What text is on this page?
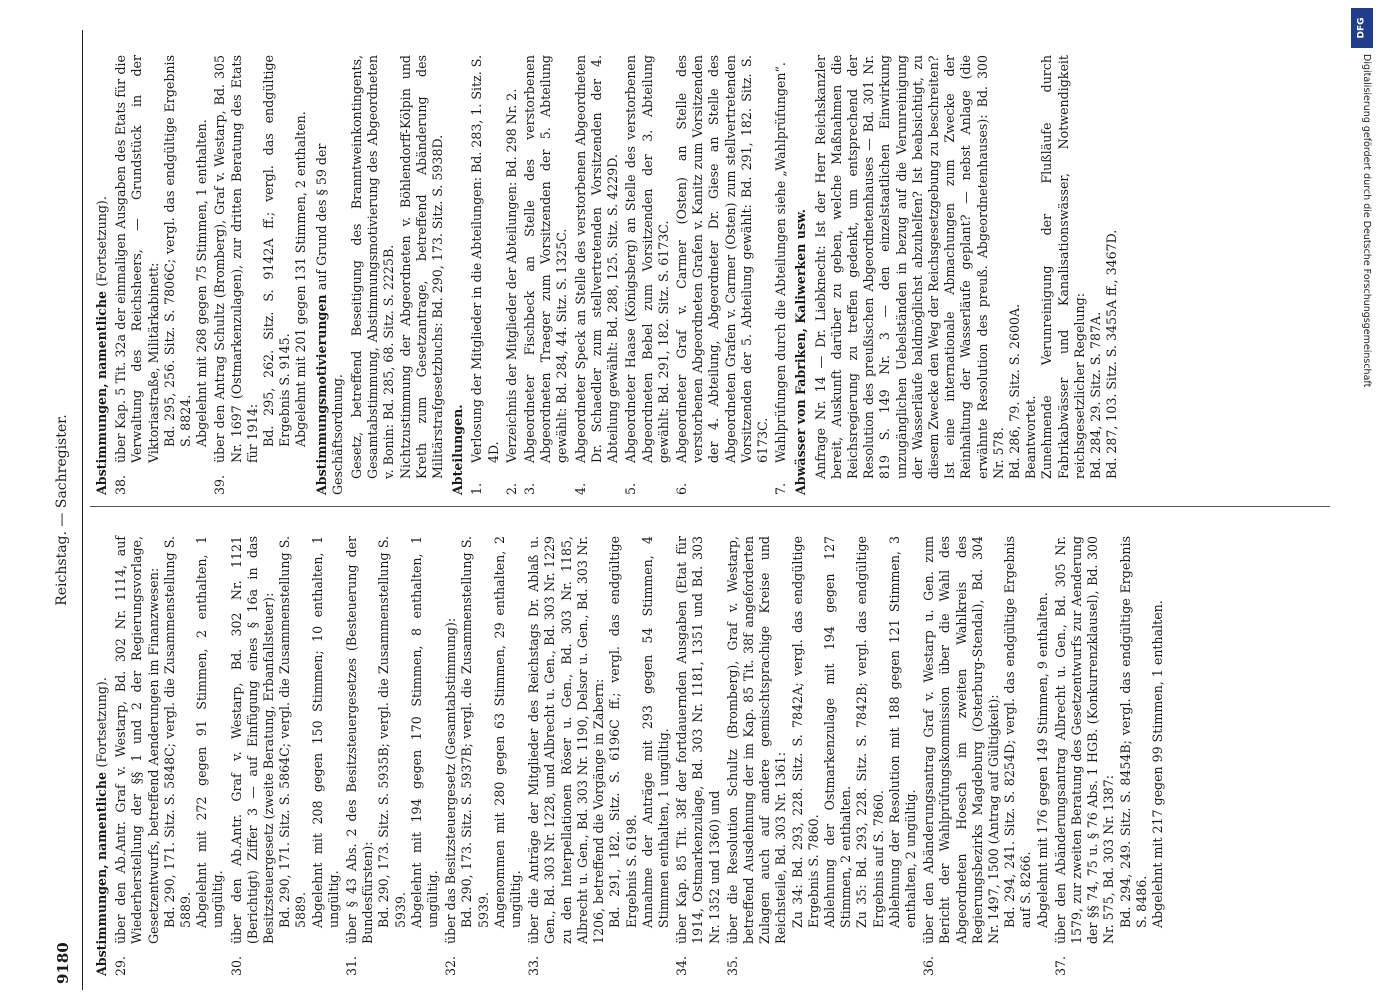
9180
Reichstag. — Sachregister.
Abstimmungen, namentliche (Fortsetzung).
29.
über den Ab.Antr. Graf v. Westarp, Bd. 302 Nr. 1114, auf Wiederherstellung der §§ 1 und 2 der Regierungsvorlage, Gesetzentwurfs, betreffend Aenderungen im Finanzwesen: Bd. 290, 171. Sitz. S. 5848C; vergl. die Zusammenstellung S. 5889. Abgelehnt mit 272 gegen 91 Stimmen, 2 enthalten, 1 ungültig.
30.
über den Ab.Antr. Graf v. Westarp, Bd. 302 Nr. 1121 (Berichtigt) Ziffer 3 — auf Einfügung eines § 16a in das Besitzsteuergesetz (zweite Beratung, Erbanfallsteuer): Bd. 290, 171. Sitz. S. 5864C; vergl. die Zusammenstellung S. 5889. Abgelehnt mit 208 gegen 150 Stimmen; 10 enthalten, 1 ungültig.
31.
über § 43 Abs. 2 des Besitzsteuergesetzes (Besteuerung der Bundesfürsten): Bd. 290, 173. Sitz. S. 5935B; vergl. die Zusammenstellung S. 5939. Abgelehnt mit 194 gegen 170 Stimmen, 8 enthalten, 1 ungültig.
32.
über das Besitzsteuergesetz (Gesamtabstimmung): Bd. 290, 173. Sitz. S. 5937B; vergl. die Zusammenstellung S. 5939. Angenommen mit 280 gegen 63 Stimmen, 29 enthalten, 2 ungültig.
33.
über die Anträge der Mitglieder des Reichstags Dr. Ablaß u. Gen., Bd. 303 Nr. 1228, und Albrecht u. Gen., Bd. 303 Nr. 1229 zu den Interpellationen Röser u. Gen., Bd. 303 Nr. 1185, Albrecht u. Gen., Bd. 303 Nr. 1190, Delsor u. Gen., Bd. 303 Nr. 1206, betreffend die Vorgänge in Zabern: Bd. 291, 182. Sitz. S. 6196C ff.; vergl. das endgültige Ergebnis S. 6198. Annahme der Anträge mit 293 gegen 54 Stimmen, 4 Stimmen enthalten, 1 ungültig.
34.
über Kap. 85 Tit. 38f der fortdauernden Ausgaben (Etat für 1914, Ostmarkenzulage, Bd. 303 Nr. 1181, 1351 und Bd. 303 Nr. 1352 und 1360) und
35.
über die Resolution Schultz (Bromberg), Graf v. Westarp, betreffend Ausdehnung der im Kap. 85 Tit. 38f angeforderten Zulagen auch auf andere gemischtsprachige Kreise und Reichsteile, Bd. 303 Nr. 1361: Zu 34: Bd. 293, 228. Sitz. S. 7842A; vergl. das endgültige Ergebnis S. 7860. Ablehnung der Ostmarkenzulage mit 194 gegen 127 Stimmen, 2 enthalten. Zu 35: Bd. 293, 228. Sitz. S. 7842B; vergl. das endgültige Ergebnis auf S. 7860. Ablehnung der Resolution mit 188 gegen 121 Stimmen, 3 enthalten, 2 ungültig.
36.
über den Abänderungsantrag Graf v. Westarp u. Gen. zum Bericht der Wahlprüfungskommission über die Wahl des Abgeordneten Hoesch im zweiten Wahlkreis des Regierungsbezirks Magdeburg (Osterburg-Stendal), Bd. 304 Nr. 1497, 1500 (Antrag auf Gültigkeit): Bd. 294, 241. Sitz. S. 8254D; vergl. das endgültige Ergebnis auf S. 8266. Abgelehnt mit 176 gegen 149 Stimmen, 9 enthalten.
37.
über den Abänderungsantrag Albrecht u. Gen., Bd. 305 Nr. 1579, zur zweiten Beratung des Gesetzentwurfs zur Aenderung der §§ 74, 75 u. § 76 Abs. 1 HGB. (Konkurrenzklausel), Bd. 300 Nr. 575, Bd. 303 Nr. 1387: Bd. 294, 249. Sitz. S. 8454B; vergl. das endgültige Ergebnis S. 8486. Abgelehnt mit 217 gegen 99 Stimmen, 1 enthalten.
Abstimmungen, namentliche (Fortsetzung).
38.
über Kap. 5 Tit. 32a der einmaligen Ausgaben des Etats für die Verwaltung des Reichsheers, — Grundstück in der Viktoriastraße, Militärkabinett: Bd. 295, 256. Sitz. S. 7806C; vergl. das endgültige Ergebnis S. 8824. Abgelehnt mit 268 gegen 75 Stimmen, 1 enthalten.
39.
über den Antrag Schultz (Bromberg), Graf v. Westarp, Bd. 305 Nr. 1697 (Ostmarkenzulagen), zur dritten Beratung des Etats für 1914: Bd. 295, 262. Sitz. S. 9142A ff.; vergl. das endgültige Ergebnis S. 9145. Abgelehnt mit 201 gegen 131 Stimmen, 2 enthalten. Abstimmungsmotivierungen auf Grund des § 59 der Geschäftsordnung. Gesetz, betreffend Beseitigung des Branntweinkontingents, Gesamtabstimmung, Abstimmungsmotivierung des Abgeordneten v. Bonin: Bd. 285, 68. Sitz. S. 2225B. Nichtzustimmung der Abgeordneten v. Böhlendorff-Kölpin und Kreth zum Gesetzantrage, betreffend Abänderung des Militärstrafgesetzbuchs: Bd. 290, 173. Sitz. S. 5938D. Abteilungen. 1.
Verlosung der Mitglieder in die Abteilungen: Bd. 283, 1. Sitz. S. 4D.
2.
Verzeichnis der Mitglieder der Abteilungen: Bd. 298 Nr. 2.
3.
Abgeordneter Fischbeck an Stelle des verstorbenen Abgeordneten Traeger zum Vorsitzenden der 5. Abteilung gewählt: Bd. 284, 44. Sitz. S. 1325C.
4.
Abgeordneter Speck an Stelle des verstorbenen Abgeordneten Dr. Schaedler zum stellvertretenden Vorsitzenden der 4. Abteilung gewählt: Bd. 288, 125. Sitz. S. 4229D.
5.
Abgeordneter Haase (Königsberg) an Stelle des verstorbenen Abgeordneten Bebel zum Vorsitzenden der 3. Abteilung gewählt: Bd. 291, 182. Sitz. S. 6173C.
6.
Abgeordneter Graf v. Carmer (Osten) an Stelle des verstorbenen Abgeordneten Grafen v. Kanitz zum Vorsitzenden der 4. Abteilung, Abgeordneter Dr. Giese an Stelle des Abgeordneten Grafen v. Carmer (Osten) zum stellvertretenden Vorsitzenden der 5. Abteilung gewählt: Bd. 291, 182. Sitz. S. 6173C.
7.
Wahlprüfungen durch die Abteilungen siehe „Wahlprüfungen“. Abwässer von Fabriken, Kaliwerken usw. Anfrage Nr. 14 — Dr. Liebknecht: Ist der Herr Reichskanzler bereit, Auskunft darüber zu geben, welche Maßnahmen die Reichsregierung zu treffen gedenkt, um entsprechend der Resolution des preußischen Abgeordnetenhauses — Bd. 301 Nr. 819 S. 149 Nr. 3 — den einzelstaatlichen Einwirkung unzugänglichen Uebelständen in bezug auf die Verunreinigung der Wasserläufe baldmöglichst abzuhelfen? Ist beabsichtigt, zu diesem Zwecke den Weg der Reichsgesetzgebung zu beschreiten? Ist eine internationale Abmachungen zum Zwecke der Reinhaltung der Wasserläufe geplant? — nebst Anlage (die erwähnte Resolution des preuß. Abgeordnetenhauses): Bd. 300 Nr. 578. Bd. 286, 79. Sitz. S. 2600A. Beantwortet. Zunehmende Verunreinigung der Flußläufe durch Fabrikabwässer und Kanalisationswässer, Notwendigkeit reichsgesetzlicher Regelung: Bd. 284, 29. Sitz. S. 787A. Bd. 287, 103. Sitz. S. 3455A ff., 3467D.
DFG
Digitalisierung gefördert durch die Deutsche Forschungsgemeinschaft
